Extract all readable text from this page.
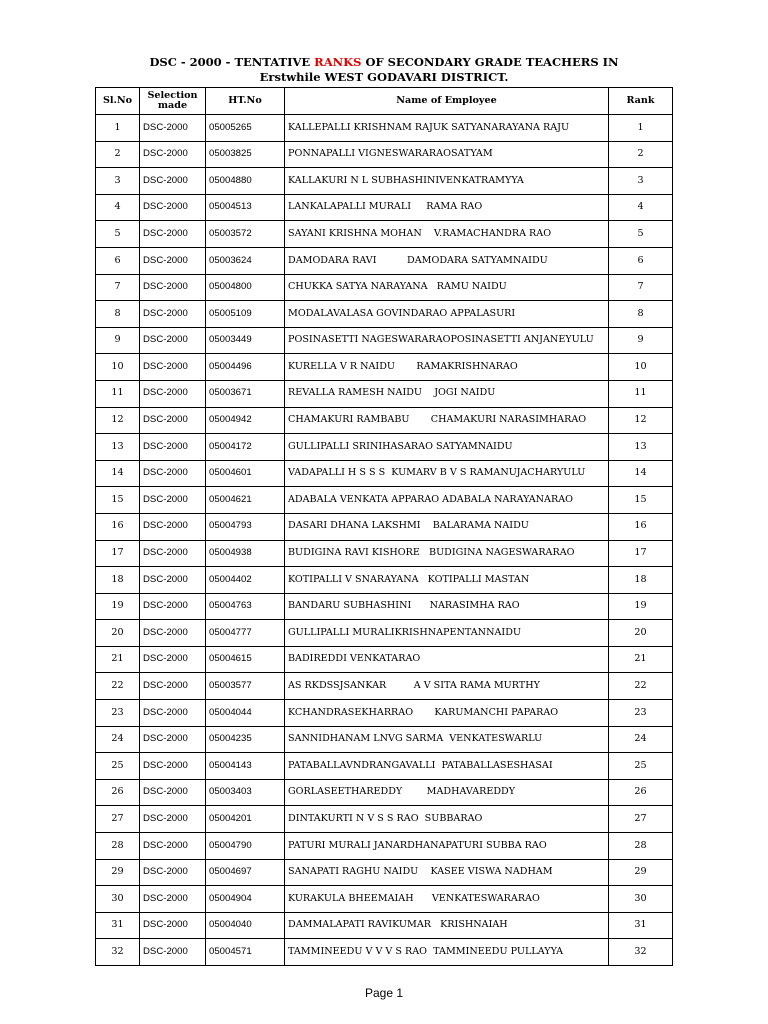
DSC - 2000 - TENTATIVE RANKS OF SECONDARY GRADE TEACHERS IN
Erstwhile WEST GODAVARI DISTRICT.
Sl.No	Selection made	HT.No	Name of Employee	Rank
1	DSC-2000	05005265	KALLEPALLI KRISHNAM RAJUK SATYANARAYANA RAJU	1
2	DSC-2000	05003825	PONNAPALLI VIGNESWARARAOSATYAM	2
3	DSC-2000	05004880	KALLAKURI N L SUBHASHINIVENKATRAMYYA	3
4	DSC-2000	05004513	LANKALAPALLI MURALI     RAMA RAO	4
5	DSC-2000	05003572	SAYANI KRISHNA MOHAN    V.RAMACHANDRA RAO	5
6	DSC-2000	05003624	DAMODARA RAVI          DAMODARA SATYAMNAIDU	6
7	DSC-2000	05004800	CHUKKA SATYA NARAYANA   RAMU NAIDU	7
8	DSC-2000	05005109	MODALAVALASA GOVINDARAO APPALASURI	8
9	DSC-2000	05003449	POSINASETTI NAGESWARARAOPOSINASETTI ANJANEYULU	9
10	DSC-2000	05004496	KURELLA V R NAIDU       RAMAKRISHNARAO	10
11	DSC-2000	05003671	REVALLA RAMESH NAIDU    JOGI NAIDU	11
12	DSC-2000	05004942	CHAMAKURI RAMBABU       CHAMAKURI NARASIMHARAO	12
13	DSC-2000	05004172	GULLIPALLI SRINIHASARAO SATYAMNAIDU	13
14	DSC-2000	05004601	VADAPALLI H S S S  KUMARV B V S RAMANUJACHARYULU	14
15	DSC-2000	05004621	ADABALA VENKATA APPARAO ADABALA NARAYANARAO	15
16	DSC-2000	05004793	DASARI DHANA LAKSHMI    BALARAMA NAIDU	16
17	DSC-2000	05004938	BUDIGINA RAVI KISHORE   BUDIGINA NAGESWARARAO	17
18	DSC-2000	05004402	KOTIPALLI V SNARAYANA   KOTIPALLI MASTAN	18
19	DSC-2000	05004763	BANDARU SUBHASHINI      NARASIMHA RAO	19
20	DSC-2000	05004777	GULLIPALLI MURALIKRISHNAPENTANNAIDU	20
21	DSC-2000	05004615	BADIREDDI VENKATARAO	21
22	DSC-2000	05003577	AS RKDSSJSANKAR         A V SITA RAMA MURTHY	22
23	DSC-2000	05004044	KCHANDRASEKHARRAO       KARUMANCHI PAPARAO	23
24	DSC-2000	05004235	SANNIDHANAM LNVG SARMA  VENKATESWARLU	24
25	DSC-2000	05004143	PATABALLAVNDRANGAVALLI  PATABALLASESHASAI	25
26	DSC-2000	05003403	GORLASEETHAREDDY        MADHAVAREDDY	26
27	DSC-2000	05004201	DINTAKURTI N V S S RAO  SUBBARAO	27
28	DSC-2000	05004790	PATURI MURALI JANARDHANAPATURI SUBBA RAO	28
29	DSC-2000	05004697	SANAPATI RAGHU NAIDU    KASEE VISWA NADHAM	29
30	DSC-2000	05004904	KURAKULA BHEEMAIAH      VENKATESWARARAO	30
31	DSC-2000	05004040	DAMMALAPATI RAVIKUMAR   KRISHNAIAH	31
32	DSC-2000	05004571	TAMMINEEDU V V V S RAO  TAMMINEEDU PULLAYYA	32
Page 1
